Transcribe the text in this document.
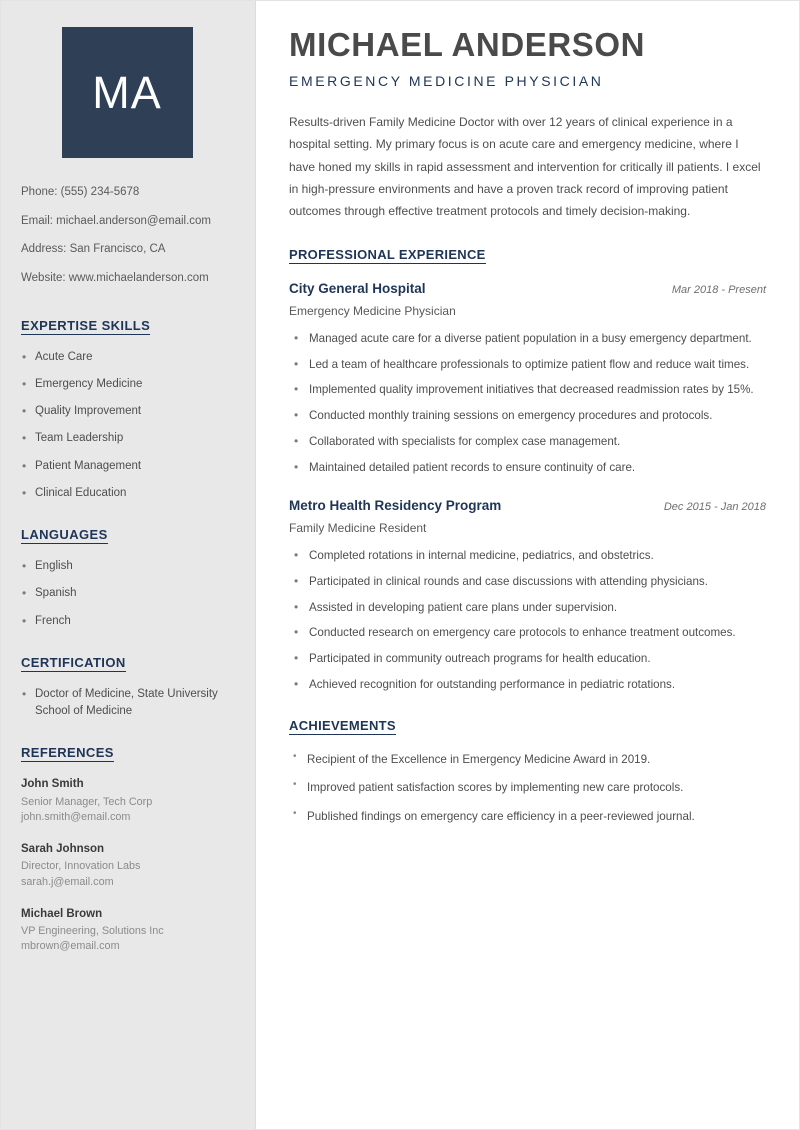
MA
Phone: (555) 234-5678
Email: michael.anderson@email.com
Address: San Francisco, CA
Website: www.michaelanderson.com
EXPERTISE SKILLS
• Acute Care
• Emergency Medicine
• Quality Improvement
• Team Leadership
• Patient Management
• Clinical Education
LANGUAGES
• English
• Spanish
• French
CERTIFICATION
• Doctor of Medicine, State University School of Medicine
REFERENCES
John Smith
Senior Manager, Tech Corp
john.smith@email.com
Sarah Johnson
Director, Innovation Labs
sarah.j@email.com
Michael Brown
VP Engineering, Solutions Inc
mbrown@email.com
MICHAEL ANDERSON
EMERGENCY MEDICINE PHYSICIAN

Results-driven Family Medicine Doctor with over 12 years of clinical experience in a hospital setting. My primary focus is on acute care and emergency medicine, where I have honed my skills in rapid assessment and intervention for critically ill patients. I excel in high-pressure environments and have a proven track record of improving patient outcomes through effective treatment protocols and timely decision-making.

PROFESSIONAL EXPERIENCE
City General Hospital	Mar 2018 - Present
Emergency Medicine Physician
• Managed acute care for a diverse patient population in a busy emergency department.
• Led a team of healthcare professionals to optimize patient flow and reduce wait times.
• Implemented quality improvement initiatives that decreased readmission rates by 15%.
• Conducted monthly training sessions on emergency procedures and protocols.
• Collaborated with specialists for complex case management.
• Maintained detailed patient records to ensure continuity of care.
Metro Health Residency Program	Dec 2015 - Jan 2018
Family Medicine Resident
• Completed rotations in internal medicine, pediatrics, and obstetrics.
• Participated in clinical rounds and case discussions with attending physicians.
• Assisted in developing patient care plans under supervision.
• Conducted research on emergency care protocols to enhance treatment outcomes.
• Participated in community outreach programs for health education.
• Achieved recognition for outstanding performance in pediatric rotations.
ACHIEVEMENTS
• Recipient of the Excellence in Emergency Medicine Award in 2019.
• Improved patient satisfaction scores by implementing new care protocols.
• Published findings on emergency care efficiency in a peer-reviewed journal.
